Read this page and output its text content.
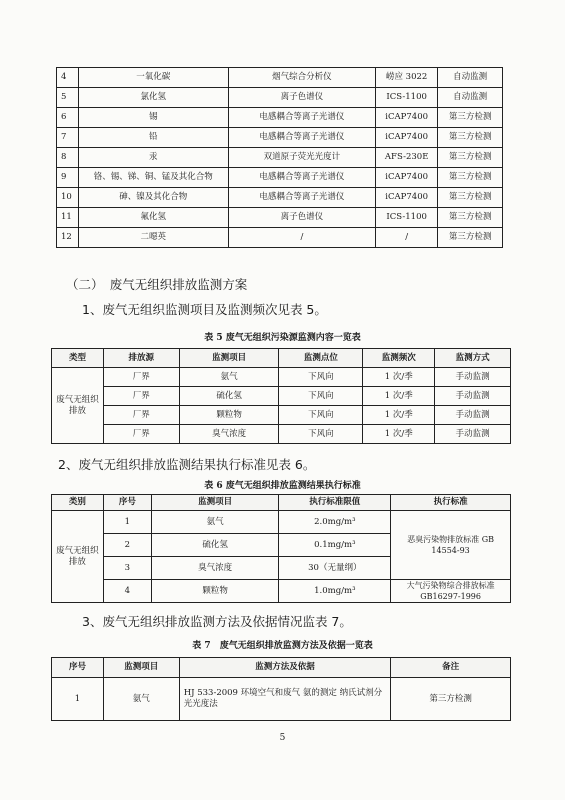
4	一氧化碳	烟气综合分析仪	崂应 3022	自动监测
5	氯化氢	离子色谱仪	ICS-1100	自动监测
6	锡	电感耦合等离子光谱仪	iCAP7400	第三方检测
7	铅	电感耦合等离子光谱仪	iCAP7400	第三方检测
8	汞	双道原子荧光光度计	AFS-230E	第三方检测
9	铬、锡、锑、铜、锰及其化合物	电感耦合等离子光谱仪	iCAP7400	第三方检测
10	砷、镍及其化合物	电感耦合等离子光谱仪	iCAP7400	第三方检测
11	氟化氢	离子色谱仪	ICS-1100	第三方检测
12	二噁英	/	/	第三方检测
（二）　废气无组织排放监测方案
1、废气无组织监测项目及监测频次见表 5。
表 5 废气无组织污染源监测内容一览表
类型	排放源	监测项目	监测点位	监测频次	监测方式
废气无组织排放	厂界	氨气	下风向	1 次/季	手动监测
	厂界	硫化氢	下风向	1 次/季	手动监测
	厂界	颗粒物	下风向	1 次/季	手动监测
	厂界	臭气浓度	下风向	1 次/季	手动监测
2、废气无组织排放监测结果执行标准见表 6。
表 6 废气无组织排放监测结果执行标准
类别	序号	监测项目	执行标准限值	执行标准
废气无组织排放	1	氨气	2.0mg/m³	恶臭污染物排放标准 GB 14554-93
	2	硫化氢	0.1mg/m³	
	3	臭气浓度	30（无量纲）	
	4	颗粒物	1.0mg/m³	大气污染物综合排放标准 GB16297-1996
3、废气无组织排放监测方法及依据情况监表 7。
表 7　废气无组织排放监测方法及依据一览表
序号	监测项目	监测方法及依据	备注
1	氨气	HJ 533-2009 环境空气和废气 氨的测定 纳氏试剂分光光度法	第三方检测
5
